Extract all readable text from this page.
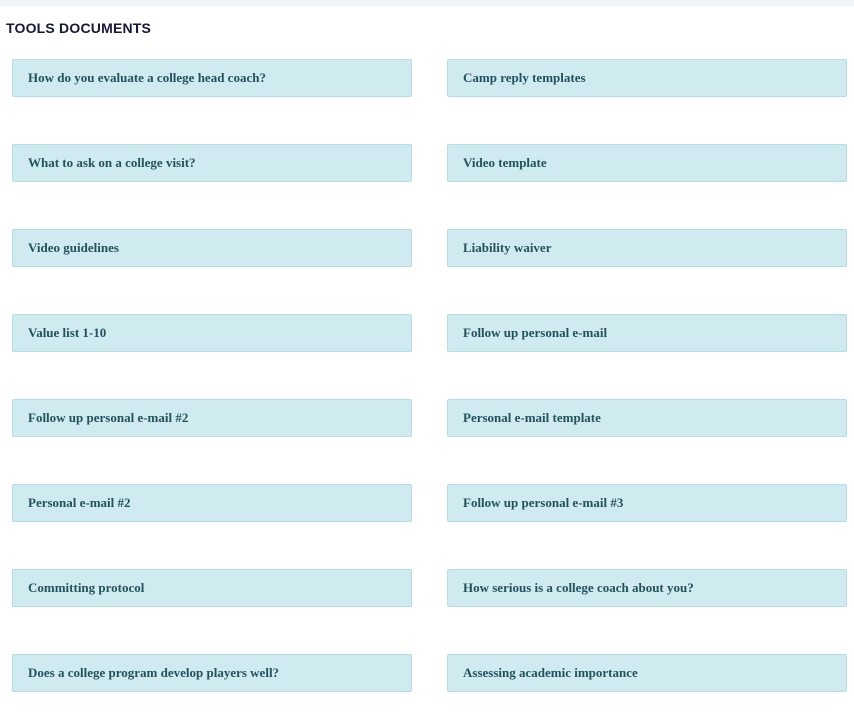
TOOLS DOCUMENTS
How do you evaluate a college head coach?	Camp reply templates
What to ask on a college visit?	Video template
Video guidelines	Liability waiver
Value list 1-10	Follow up personal e-mail
Follow up personal e-mail #2	Personal e-mail template
Personal e-mail #2	Follow up personal e-mail #3
Committing protocol	How serious is a college coach about you?
Does a college program develop players well?	Assessing academic importance
